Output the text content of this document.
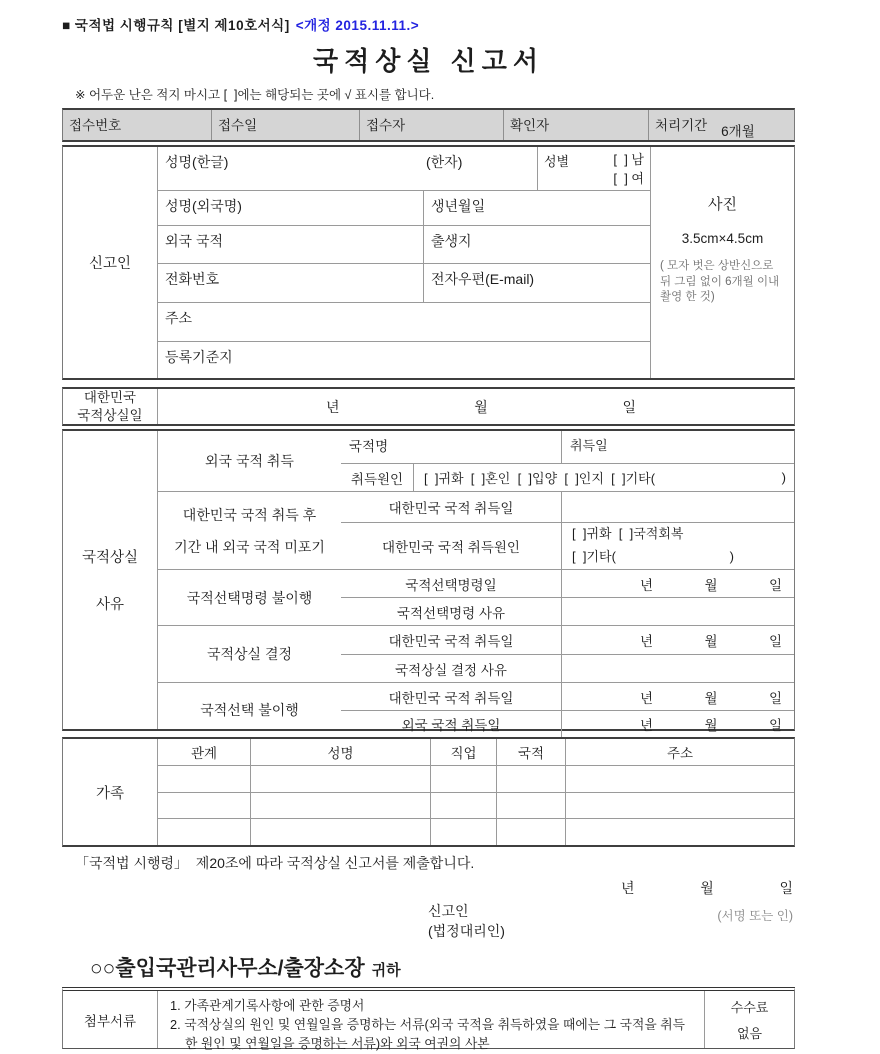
■ 국적법 시행규칙 [별지 제10호서식] <개정 2015.11.11.>
국적상실 신고서
※ 어두운 난은 적지 마시고 [  ]에는 해당되는 곳에 √ 표시를 합니다.
접수번호	접수일	접수자	확인자	처리기간 6개월
신고인
성명(한글)	(한자)	성별	[  ] 남
[  ] 여
성명(외국명)	생년월일
외국 국적	출생지
전화번호	전자우편(E-mail)
주소
등록기준지
사진
3.5cm×4.5cm
( 모자 벗은 상반신으로 뒤 그림 없이 6개월 이내 촬영 한 것)
대한민국
국적상실일
년	월	일
국적상실
사유
외국 국적 취득
국적명	취득일
취득원인	[  ]귀화  [  ]혼인  [  ]입양  [  ]인지  [  ]기타(	)
대한민국 국적 취득 후
기간 내 외국 국적 미포기
대한민국 국적 취득일
대한민국 국적 취득원인
[  ]귀화  [  ]국적회복
[  ]기타(	)
국적선택명령 불이행
국적선택명령일	년	월	일
국적선택명령 사유
국적상실 결정
대한민국 국적 취득일	년	월	일
국적상실 결정 사유
국적선택 불이행
대한민국 국적 취득일	년	월	일
외국 국적 취득일	년	월	일
가족
관계	성명	직업	국적	주소
「국적법 시행령」  제20조에 따라 국적상실 신고서를 제출합니다.
년	월	일
신고인
(법정대리인)
(서명 또는 인)
○○출입국관리사무소/출장소장 귀하
첨부서류
1. 가족관계기록사항에 관한 증명서
2. 국적상실의 원인 및 연월일을 증명하는 서류(외국 국적을 취득하였을 때에는 그 국적을 취득한 원인 및 연월일을 증명하는 서류)와 외국 여권의 사본
수수료
없음
